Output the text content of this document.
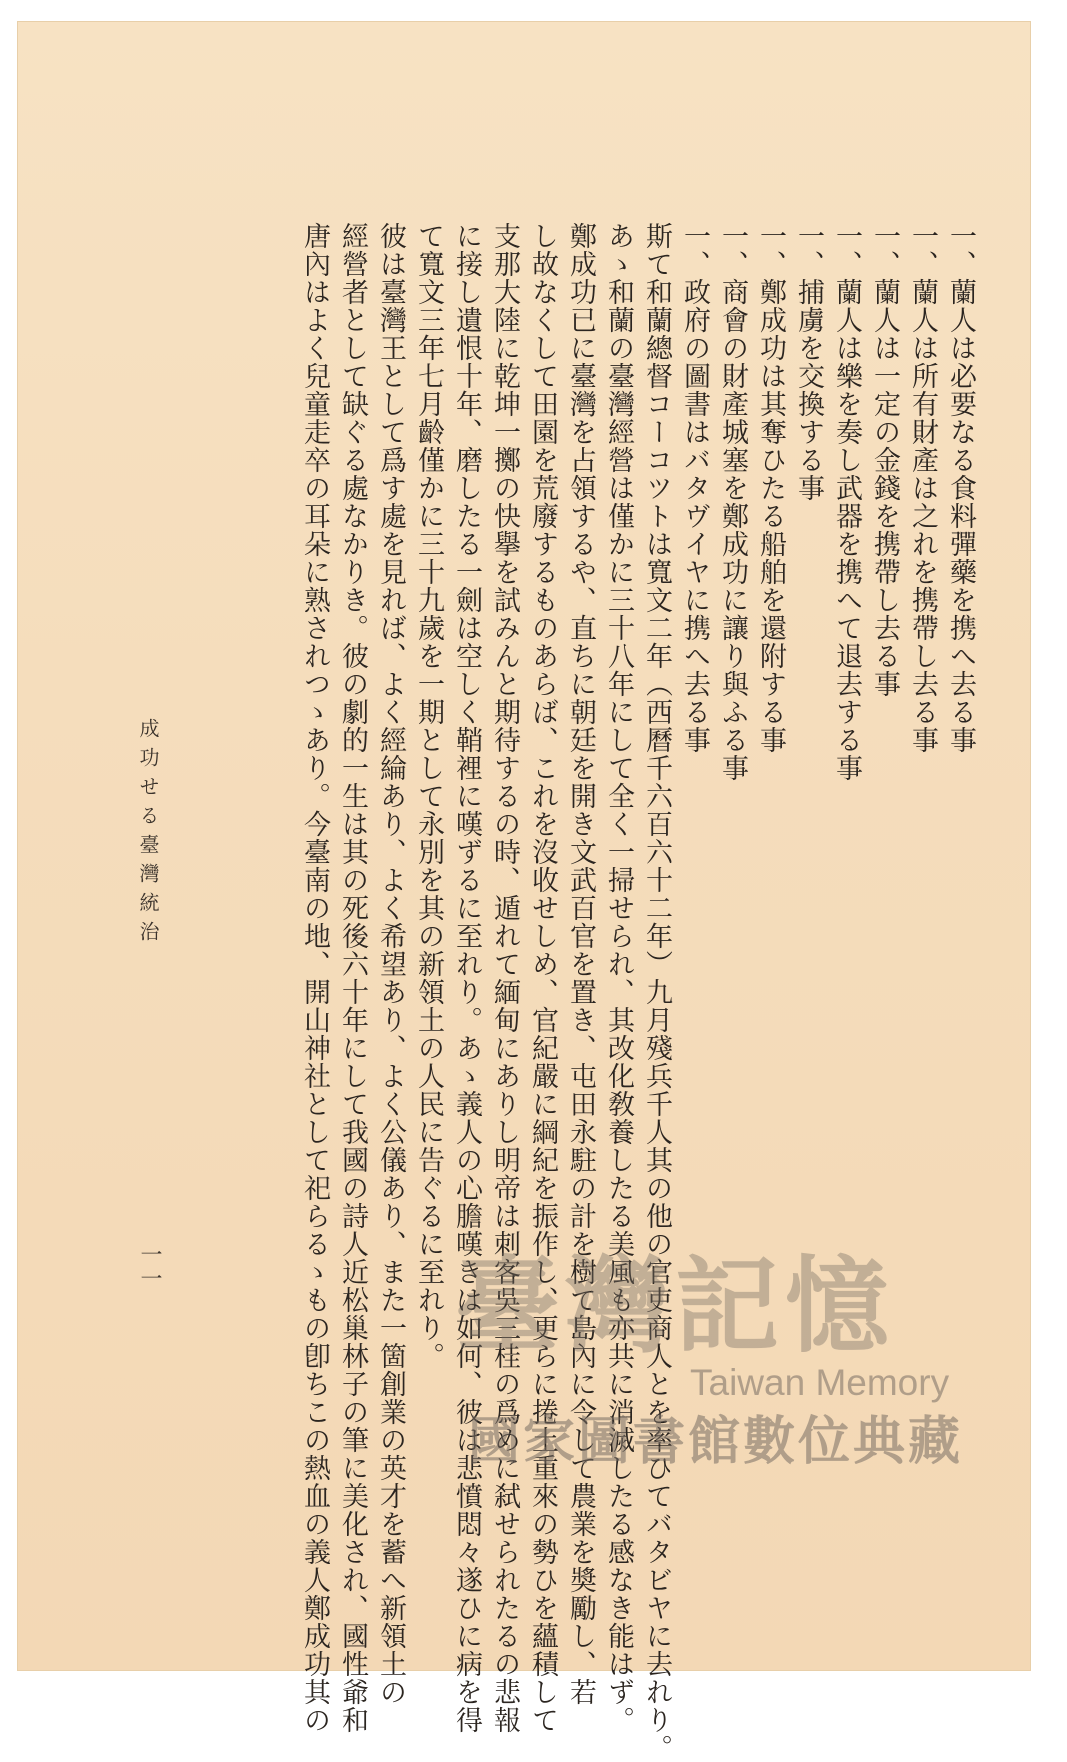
一、蘭人は必要なる食料彈藥を携へ去る事
一、蘭人は所有財產は之れを携帶し去る事
一、蘭人は一定の金錢を携帶し去る事
一、蘭人は樂を奏し武器を携へて退去する事
一、捕虜を交換する事
一、鄭成功は其奪ひたる船舶を還附する事
一、商會の財產城塞を鄭成功に讓り與ふる事
一、政府の圖書はバタヴイヤに携へ去る事
斯て和蘭總督コーコツトは寬文二年（西曆千六百六十二年）九月殘兵千人其の他の官吏商人とを率ひてバタビヤに去れり。
あゝ和蘭の臺灣經營は僅かに三十八年にして全く一掃せられ、其改化敎養したる美風も亦共に消滅したる感なき能はず。
鄭成功已に臺灣を占領するや、直ちに朝廷を開き文武百官を置き、屯田永駐の計を樹て島內に令して農業を奬勵し、若
し故なくして田園を荒廢するものあらば、これを沒收せしめ、官紀嚴に綱紀を振作し、更らに捲土重來の勢ひを蘊積して
支那大陸に乾坤一擲の快擧を試みんと期待するの時、遁れて緬甸にありし明帝は刺客吳三桂の爲めに弑せられたるの悲報
に接し遺恨十年、磨したる一劍は空しく鞘裡に嘆ずるに至れり。あゝ義人の心膽嘆きは如何、彼は悲憤悶々遂ひに病を得
て寬文三年七月齡僅かに三十九歲を一期として永別を其の新領土の人民に告ぐるに至れり。
彼は臺灣王として爲す處を見れば、よく經綸あり、よく希望あり、よく公儀あり、また一箇創業の英才を蓄へ新領土の
經營者として缺ぐる處なかりき。彼の劇的一生は其の死後六十年にして我國の詩人近松巢林子の筆に美化され、國性爺和
唐內はよく兒童走卒の耳朵に熟されつゝあり。今臺南の地、開山神社として祀らるゝもの卽ちこの熱血の義人鄭成功其の
成功せる臺灣統治
一一	臺灣記憶
Taiwan Memory
國家圖書館數位典藏
